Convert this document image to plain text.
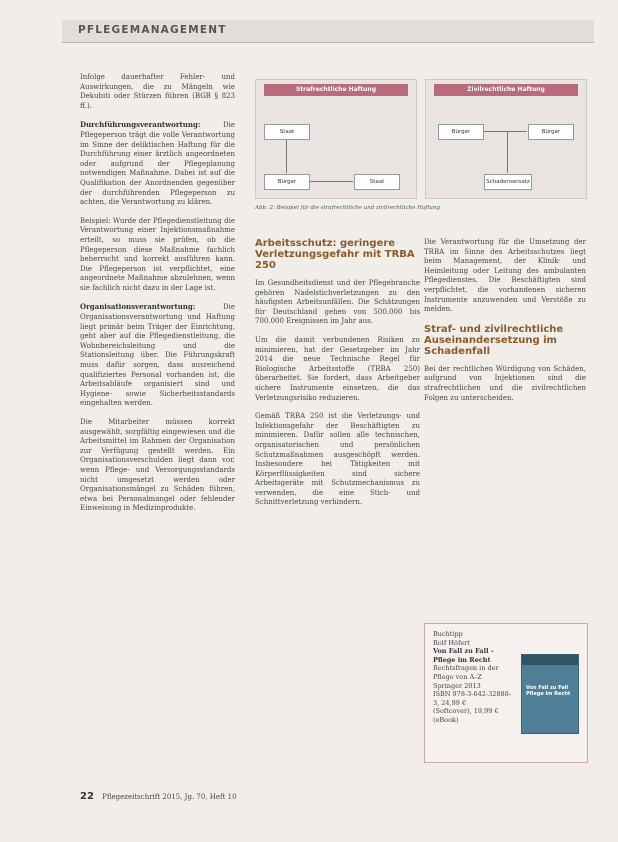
PFLEGEMANAGEMENT

Infolge dauerhafter Fehler- und Auswirkungen, die zu Mängeln wie Dekubiti oder Stürzen führen (BGB § 823 ff.).

Durchführungsverantwortung:	Die Pflegeperson trägt die volle Verantwortung im Sinne der deliktischen Haftung für die Durchführung einer ärztlich angeordneten oder aufgrund der Pflegeplanung notwendigen Maßnahme. Dabei ist auf die Qualifikation der Anordnenden gegenüber der durchführenden Pflegeperson zu achten, die Verantwortung zu klären.

Beispiel: Wurde der Pflegedienstleitung die Verantwortung einer Injektionsmaßnahme erteilt, so muss sie prüfen, ob die Pflegeperson diese Maßnahme fachlich beherrscht und korrekt ausführen kann. Die Pflegeperson ist verpflichtet, eine angeordnete Maßnahme abzulehnen, wenn sie fachlich nicht dazu in der Lage ist.

Organisationsverantwortung:	Die Organisationsverantwortung und Haftung liegt primär beim Träger der Einrichtung, geht aber auf die Pflegedienstleitung, die Wohnbereichsleitung und die Stationsleitung über. Die Führungskraft muss dafür sorgen, dass ausreichend qualifiziertes Personal vorhanden ist, die Arbeitsabläufe organisiert sind und Hygiene- sowie Sicherheitsstandards eingehalten werden.

Die Mitarbeiter müssen korrekt ausgewählt, sorgfältig eingewiesen und die Arbeitsmittel im Rahmen der Organisation zur Verfügung gestellt werden. Ein Organisationsverschulden liegt dann vor, wenn Pflege- und Versorgungsstandards nicht umgesetzt werden oder Organisationsmängel zu Schäden führen, etwa bei Personalmangel oder fehlender Einweisung in Medizinprodukte.

Strafrechtliche Haftung
Staat
Bürger	Staat
Zivilrechtliche Haftung
Bürger	Bürger
Schadensersatz
Abb. 2: Beispiel für die strafrechtliche und zivilrechtliche Haftung
Arbeitsschutz: geringere Verletzungsgefahr mit TRBA 250

Im Gesundheitsdienst und der Pflegebranche gehören Nadelstichverletzungen zu den häufigsten Arbeitsunfällen. Die Schätzungen für Deutschland gehen von 500.000 bis 700.000 Ereignissen im Jahr aus.

Um die damit verbundenen Risiken zu minimieren, hat der Gesetzgeber im Jahr 2014 die neue Technische Regel für Biologische Arbeitsstoffe (TRBA 250) überarbeitet. Sie fordert, dass Arbeitgeber sichere Instrumente einsetzen, die das Verletzungsrisiko reduzieren.

Gemäß TRBA 250 ist die Verletzungs- und Infektionsgefahr der Beschäftigten zu minimieren. Dafür sollen alle technischen, organisatorischen und persönlichen Schutzmaßnahmen ausgeschöpft werden. Insbesondere bei Tätigkeiten mit Körperflüssigkeiten sind sichere Arbeitsgeräte mit Schutzmechanismus zu verwenden, die eine Stich- und Schnittverletzung verhindern.

Die Verantwortung für die Umsetzung der TRBA im Sinne des Arbeitsschutzes liegt beim Management, der Klinik- und Heimleitung oder Leitung des ambulanten Pflegedienstes. Die Beschäftigten sind verpflichtet, die vorhandenen sicheren Instrumente anzuwenden und Verstöße zu melden.

Straf- und zivilrechtliche Auseinandersetzung im Schadenfall

Bei der rechtlichen Würdigung von Schäden, aufgrund von Injektionen sind die strafrechtlichen und die zivilrechtlichen Folgen zu unterscheiden.

Buchtipp
Rolf Höfert
Von Fall zu Fall – Pflege im Recht
Rechtsfragen in der Pflege von A–Z Springer 2013
ISBN 978-3-642-32888-3, 24,99 €
(Softcover), 19,99 € (eBook)
Von Fall zu Fall Pflege im Recht
22 Pflegezeitschrift 2015, Jg. 70, Heft 10
